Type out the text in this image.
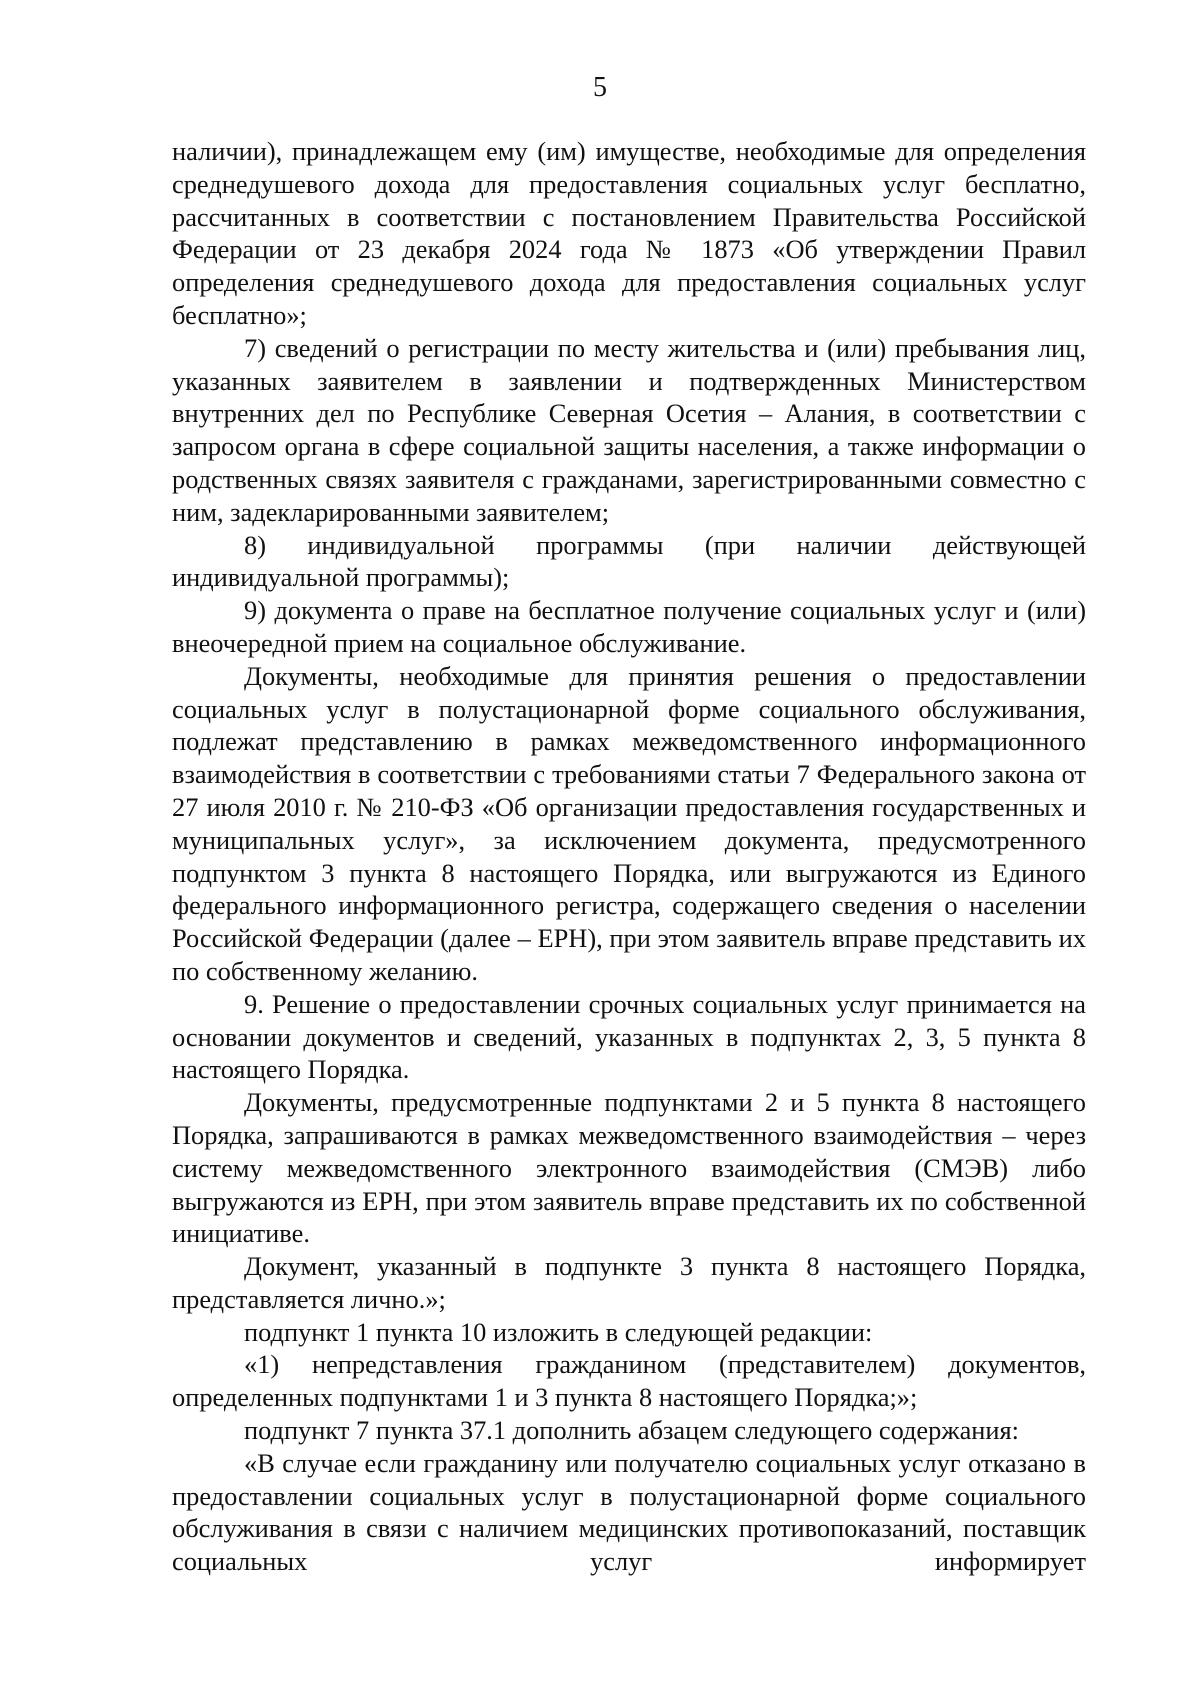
5

наличии), принадлежащем ему (им) имуществе, необходимые для определения среднедушевого дохода для предоставления социальных услуг бесплатно, рассчитанных в соответствии с постановлением Правительства Российской Федерации от 23 декабря 2024 года № 1873 «Об утверждении Правил определения среднедушевого дохода для предоставления социальных услуг бесплатно»;

7) сведений о регистрации по месту жительства и (или) пребывания лиц, указанных заявителем в заявлении и подтвержденных Министерством внутренних дел по Республике Северная Осетия – Алания, в соответствии с запросом органа в сфере социальной защиты населения, а также информации о родственных связях заявителя с гражданами, зарегистрированными совместно с ним, задекларированными заявителем;

8) индивидуальной программы (при наличии действующей индивидуальной программы);

9) документа о праве на бесплатное получение социальных услуг и (или) внеочередной прием на социальное обслуживание.

Документы, необходимые для принятия решения о предоставлении социальных услуг в полустационарной форме социального обслуживания, подлежат представлению в рамках межведомственного информационного взаимодействия в соответствии с требованиями статьи 7 Федерального закона от 27 июля 2010 г. № 210-ФЗ «Об организации предоставления государственных и муниципальных услуг», за исключением документа, предусмотренного подпунктом 3 пункта 8 настоящего Порядка, или выгружаются из Единого федерального информационного регистра, содержащего сведения о населении Российской Федерации (далее – ЕРН), при этом заявитель вправе представить их по собственному желанию.

9. Решение о предоставлении срочных социальных услуг принимается на основании документов и сведений, указанных в подпунктах 2, 3, 5 пункта 8 настоящего Порядка.

Документы, предусмотренные подпунктами 2 и 5 пункта 8 настоящего Порядка, запрашиваются в рамках межведомственного взаимодействия – через систему межведомственного электронного взаимодействия (СМЭВ) либо выгружаются из ЕРН, при этом заявитель вправе представить их по собственной инициативе.

Документ, указанный в подпункте 3 пункта 8 настоящего Порядка, представляется лично.»;

подпункт 1 пункта 10 изложить в следующей редакции:

«1) непредставления гражданином (представителем) документов, определенных подпунктами 1 и 3 пункта 8 настоящего Порядка;»;

подпункт 7 пункта 37.1 дополнить абзацем следующего содержания:

«В случае если гражданину или получателю социальных услуг отказано в предоставлении социальных услуг в полустационарной форме социального обслуживания в связи с наличием медицинских противопоказаний, поставщик социальных услуг информирует
